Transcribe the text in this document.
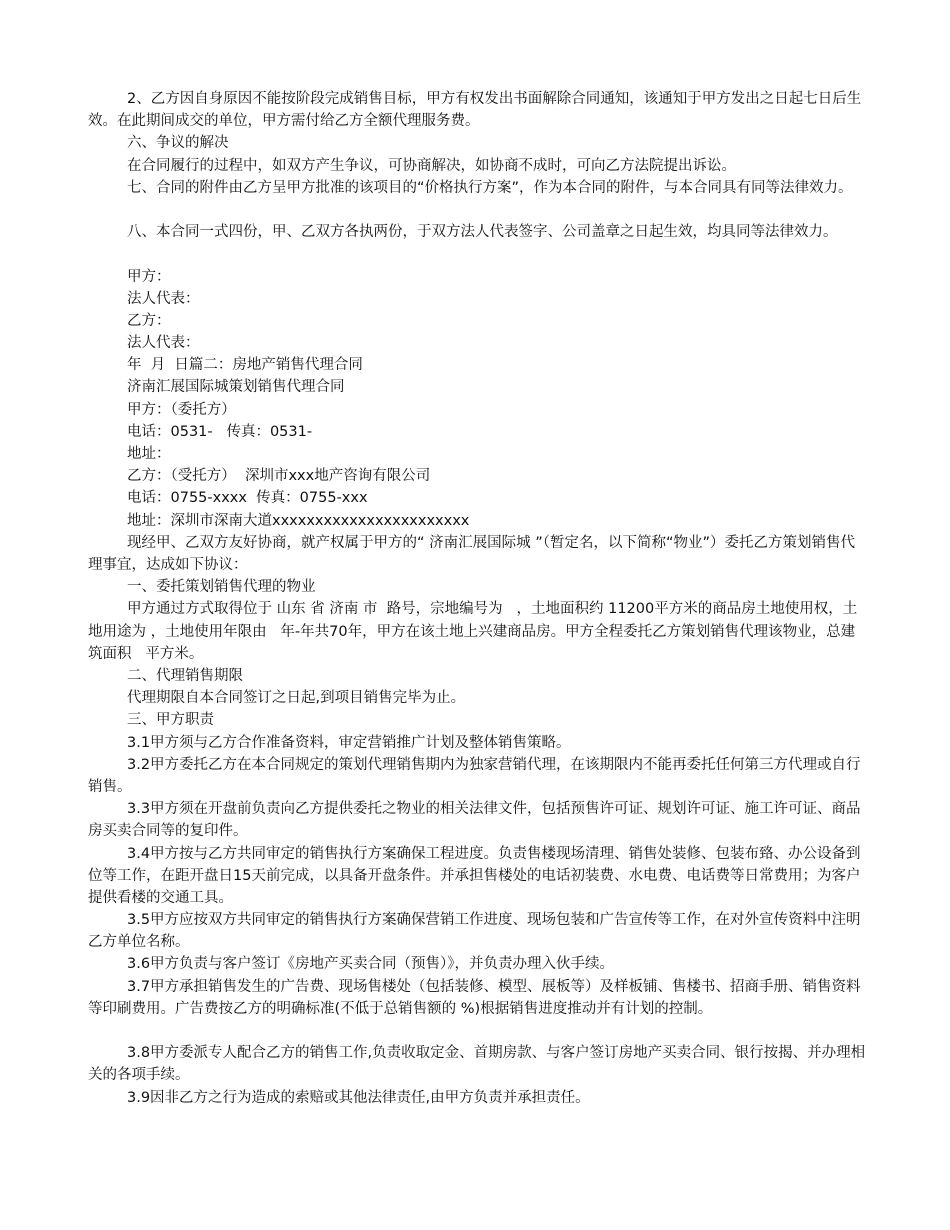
2、乙方因自身原因不能按阶段完成销售目标，甲方有权发出书面解除合同通知，该通知于甲方发出之日起七日后生效。在此期间成交的单位，甲方需付给乙方全额代理服务费。

六、争议的解决

在合同履行的过程中，如双方产生争议，可协商解决，如协商不成时，可向乙方法院提出诉讼。

七、合同的附件由乙方呈甲方批准的该项目的“价格执行方案”，作为本合同的附件，与本合同具有同等法律效力。

八、本合同一式四份，甲、乙双方各执两份，于双方法人代表签字、公司盖章之日起生效，均具同等法律效力。

甲方：

法人代表：

乙方：

法人代表：

年  月  日篇二：房地产销售代理合同

济南汇展国际城策划销售代理合同

甲方：（委托方）

电话：0531-   传真：0531-

地址：

乙方：（受托方）  深圳市xxx地产咨询有限公司

电话：0755-xxxx  传真：0755-xxx

地址：深圳市深南大道xxxxxxxxxxxxxxxxxxxxxxx

现经甲、乙双方友好协商，就产权属于甲方的“ 济南汇展国际城 ”（暂定名，以下简称“物业”）委托乙方策划销售代理事宜，达成如下协议：

一、委托策划销售代理的物业

甲方通过方式取得位于 山东 省 济南 市  路号，宗地编号为   ，土地面积约 11200平方米的商品房土地使用权，土地用途为 ，土地使用年限由   年-年共70年，甲方在该土地上兴建商品房。甲方全程委托乙方策划销售代理该物业，总建筑面积   平方米。

二、代理销售期限

代理期限自本合同签订之日起,到项目销售完毕为止。

三、甲方职责

3.1甲方须与乙方合作准备资料，审定营销推广计划及整体销售策略。

3.2甲方委托乙方在本合同规定的策划代理销售期内为独家营销代理，在该期限内不能再委托任何第三方代理或自行销售。

3.3甲方须在开盘前负责向乙方提供委托之物业的相关法律文件，包括预售许可证、规划许可证、施工许可证、商品房买卖合同等的复印件。

3.4甲方按与乙方共同审定的销售执行方案确保工程进度。负责售楼现场清理、销售处装修、包装布臵、办公设备到位等工作，在距开盘日15天前完成，以具备开盘条件。并承担售楼处的电话初装费、水电费、电话费等日常费用；为客户提供看楼的交通工具。

3.5甲方应按双方共同审定的销售执行方案确保营销工作进度、现场包装和广告宣传等工作，在对外宣传资料中注明乙方单位名称。

3.6甲方负责与客户签订《房地产买卖合同（预售）》，并负责办理入伙手续。

3.7甲方承担销售发生的广告费、现场售楼处（包括装修、模型、展板等）及样板铺、售楼书、招商手册、销售资料等印刷费用。广告费按乙方的明确标准(不低于总销售额的 %)根据销售进度推动并有计划的控制。

3.8甲方委派专人配合乙方的销售工作,负责收取定金、首期房款、与客户签订房地产买卖合同、银行按揭、并办理相关的各项手续。

3.9因非乙方之行为造成的索赔或其他法律责任,由甲方负责并承担责任。
